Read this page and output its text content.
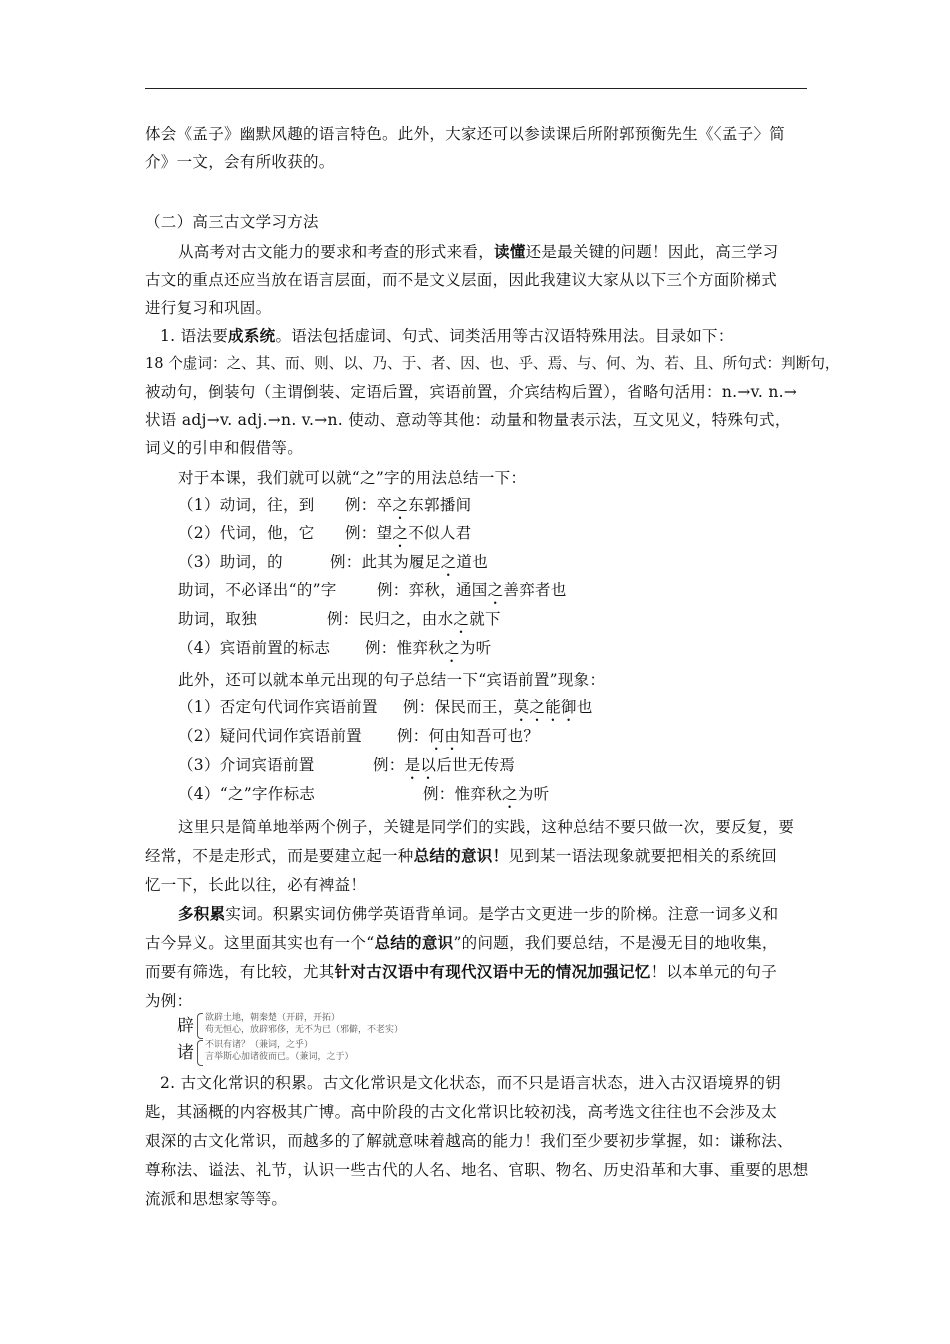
体会《孟子》幽默风趣的语言特色。此外，大家还可以参读课后所附郭预衡先生《〈孟子〉简
介》一文，会有所收获的。
（二）高三古文学习方法
从高考对古文能力的要求和考查的形式来看，读懂还是最关键的问题！因此，高三学习
古文的重点还应当放在语言层面，而不是文义层面，因此我建议大家从以下三个方面阶梯式
进行复习和巩固。
1. 语法要成系统。语法包括虚词、句式、词类活用等古汉语特殊用法。目录如下：
18 个虚词：之、其、而、则、以、乃、于、者、因、也、乎、焉、与、何、为、若、且、所句式：判断句，
被动句，倒装句（主谓倒装、定语后置，宾语前置，介宾结构后置），省略句活用：n.→v. n.→
状语 adj→v. adj.→n. v.→n. 使动、意动等其他：动量和物量表示法，互文见义，特殊句式，
词义的引申和假借等。
对于本课，我们就可以就“之”字的用法总结一下：
（1）动词，往，到 例：卒之东郭播间
（2）代词，他，它 例：望之不似人君
（3）助词，的	例：此其为履足之道也
助词，不必译出“的”字	例：弈秋，通国之善弈者也
助词，取独	例：民归之，由水之就下
（4）宾语前置的标志 例：惟弈秋之为听
此外，还可以就本单元出现的句子总结一下“宾语前置”现象：
（1）否定句代词作宾语前置 例：保民而王，莫之能御也
（2）疑问代词作宾语前置 例：何由知吾可也？
（3）介词宾语前置	例：是以后世无传焉
（4）“之”字作标志	例：惟弈秋之为听
这里只是简单地举两个例子，关键是同学们的实践，这种总结不要只做一次，要反复，要
经常，不是走形式，而是要建立起一种总结的意识！见到某一语法现象就要把相关的系统回
忆一下，长此以往，必有裨益！
多积累实词。积累实词仿佛学英语背单词。是学古文更进一步的阶梯。注意一词多义和
古今异义。这里面其实也有一个“总结的意识”的问题，我们要总结，不是漫无目的地收集，
而要有筛选，有比较，尤其针对古汉语中有现代汉语中无的情况加强记忆！以本单元的句子
为例：
辟 欲辟土地，朝秦楚（开辟，开拓）
苟无恒心，放辟邪侈，无不为已（邪僻，不老实）
诸 不识有诸？（兼词，之乎）
言举斯心加诸彼而已。（兼词，之于）
2. 古文化常识的积累。古文化常识是文化状态，而不只是语言状态，进入古汉语境界的钥
匙，其涵概的内容极其广博。高中阶段的古文化常识比较初浅，高考选文往往也不会涉及太
艰深的古文化常识，而越多的了解就意味着越高的能力！我们至少要初步掌握，如：谦称法、
尊称法、谥法、礼节，认识一些古代的人名、地名、官职、物名、历史沿革和大事、重要的思想
流派和思想家等等。
